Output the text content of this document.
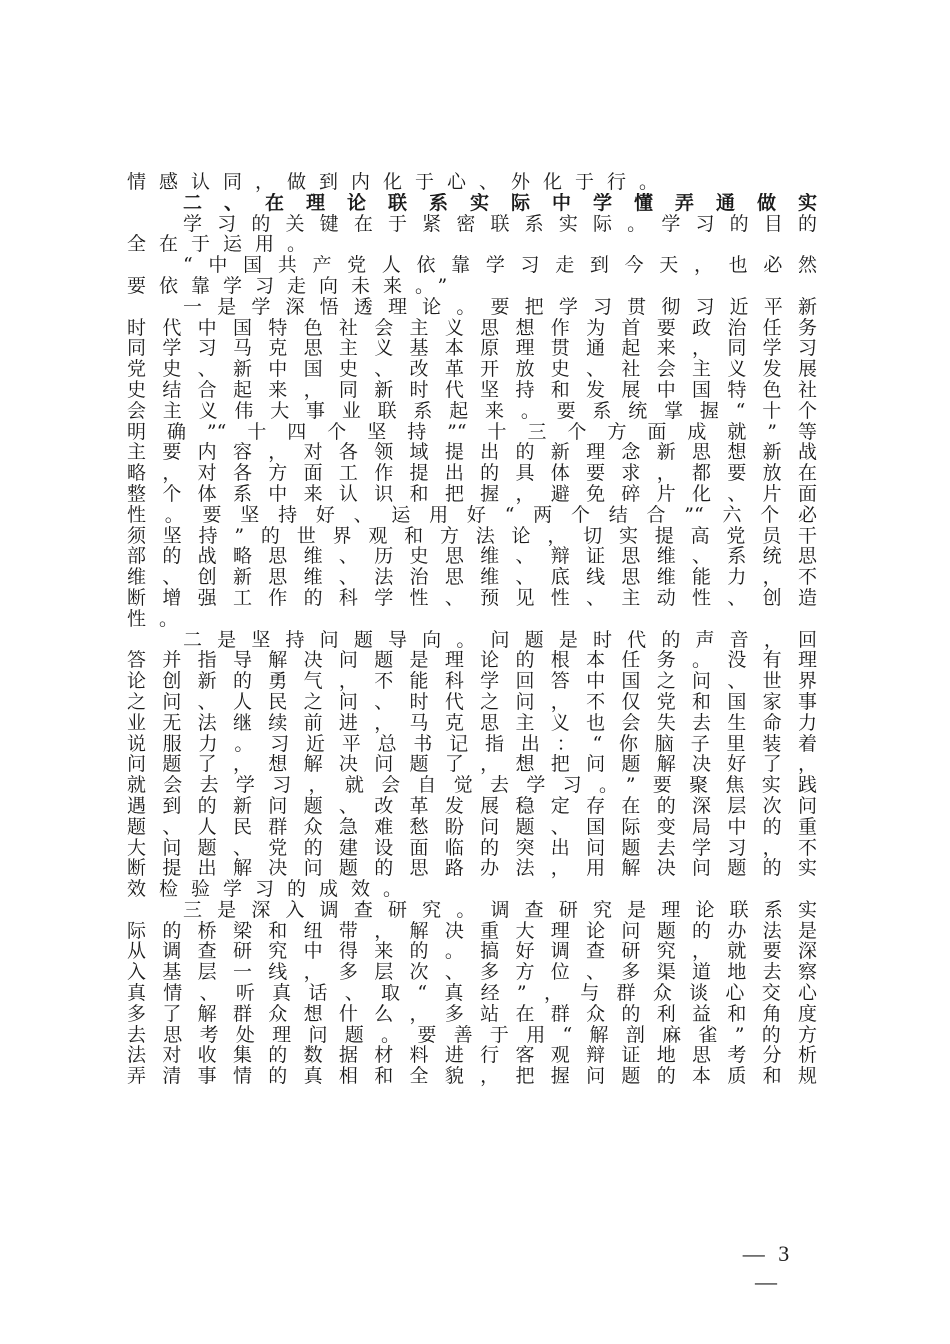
情感认同，做到内化于心、外化于行。
二、在理论联系实际中学懂弄通做实
学习的关键在于紧密联系实际。学习的目的
全在于运用。
“中国共产党人依靠学习走到今天，也必然
要依靠学习走向未来。”
一是学深悟透理论。要把学习贯彻习近平新
时代中国特色社会主义思想作为首要政治任务
同学习马克思主义基本原理贯通起来，同学习
党史、新中国史、改革开放史、社会主义发展
史结合起来，同新时代坚持和发展中国特色社
会主义伟大事业联系起来。要系统掌握“十个
明确”“十四个坚持”“十三个方面成就”等
主要内容，对各领域提出的新理念新思想新战
略，对各方面工作提出的具体要求，都要放在
整个体系中来认识和把握，避免碎片化、片面
性。要坚持好、运用好“两个结合”“六个必
须坚持”的世界观和方法论，切实提高党员干
部的战略思维、历史思维、辩证思维、系统思
维、创新思维、法治思维、底线思维能力，不
断增强工作的科学性、预见性、主动性、创造
性。
二是坚持问题导向。问题是时代的声音，回
答并指导解决问题是理论的根本任务。没有理
论创新的勇气，不能科学回答中国之问、世界
之问、人民之问、时代之问，不仅党和国家事
业无法继续前进，马克思主义也会失去生命力
说服力。习近平总书记指出：“你脑子里装着
问题了，想解决问题了，想把问题解决好了，
就会去学习，就会自觉去学习。”要聚焦实践
遇到的新问题、改革发展稳定存在的深层次问
题、人民群众急难愁盼问题、国际变局中的重
大问题、党的建设面临的突出问题去学习，不
断提出解决问题的思路办法，用解决问题的实
效检验学习的成效。
三是深入调查研究。调查研究是理论联系实
际的桥梁和纽带，解决重大理论问题的办法是
从调查研究中得来的。搞好调查研究，就要深
入基层一线，多层次、多方位、多渠道地去察
真情、听真话、取“真经”，与群众谈心交心
多了解群众想什么，多站在群众的利益和角度
去思考处理问题。要善于用“解剖麻雀”的方
法对收集的数据材料进行客观辩证地思考分析
弄清事情的真相和全貌，把握问题的本质和规
— 3 —
